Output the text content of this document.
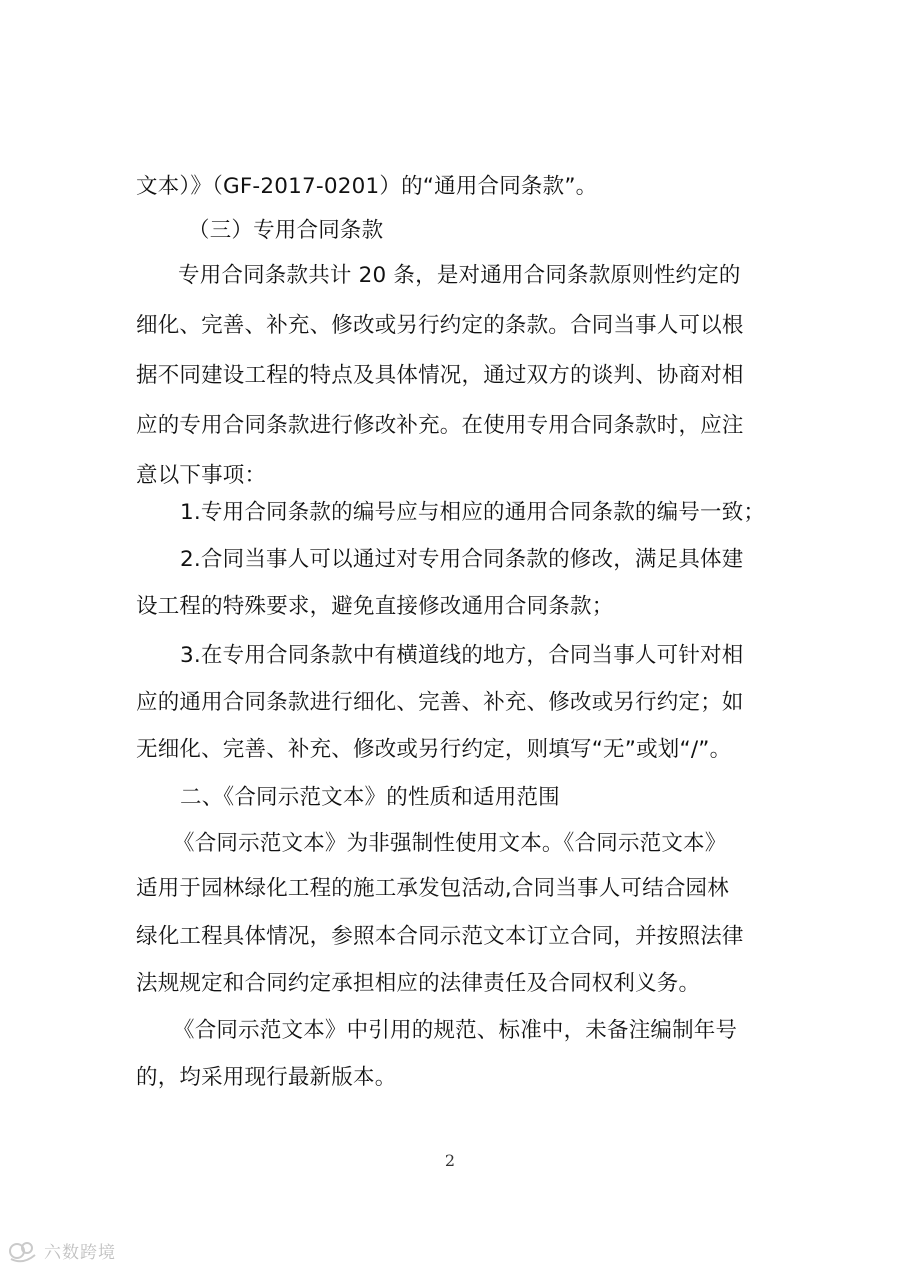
文本）》（GF-2017-0201）的“通用合同条款”。
（三）专用合同条款
专用合同条款共计 20 条，是对通用合同条款原则性约定的
细化、完善、补充、修改或另行约定的条款。合同当事人可以根
据不同建设工程的特点及具体情况，通过双方的谈判、协商对相
应的专用合同条款进行修改补充。在使用专用合同条款时，应注
意以下事项：
1.专用合同条款的编号应与相应的通用合同条款的编号一致；
2.合同当事人可以通过对专用合同条款的修改，满足具体建
设工程的特殊要求，避免直接修改通用合同条款；
3.在专用合同条款中有横道线的地方，合同当事人可针对相
应的通用合同条款进行细化、完善、补充、修改或另行约定；如
无细化、完善、补充、修改或另行约定，则填写“无”或划“/”。
二、《合同示范文本》的性质和适用范围
《合同示范文本》为非强制性使用文本。《合同示范文本》
适用于园林绿化工程的施工承发包活动,合同当事人可结合园林
绿化工程具体情况，参照本合同示范文本订立合同，并按照法律
法规规定和合同约定承担相应的法律责任及合同权利义务。
《合同示范文本》中引用的规范、标准中，未备注编制年号
的，均采用现行最新版本。
2
六数跨境
